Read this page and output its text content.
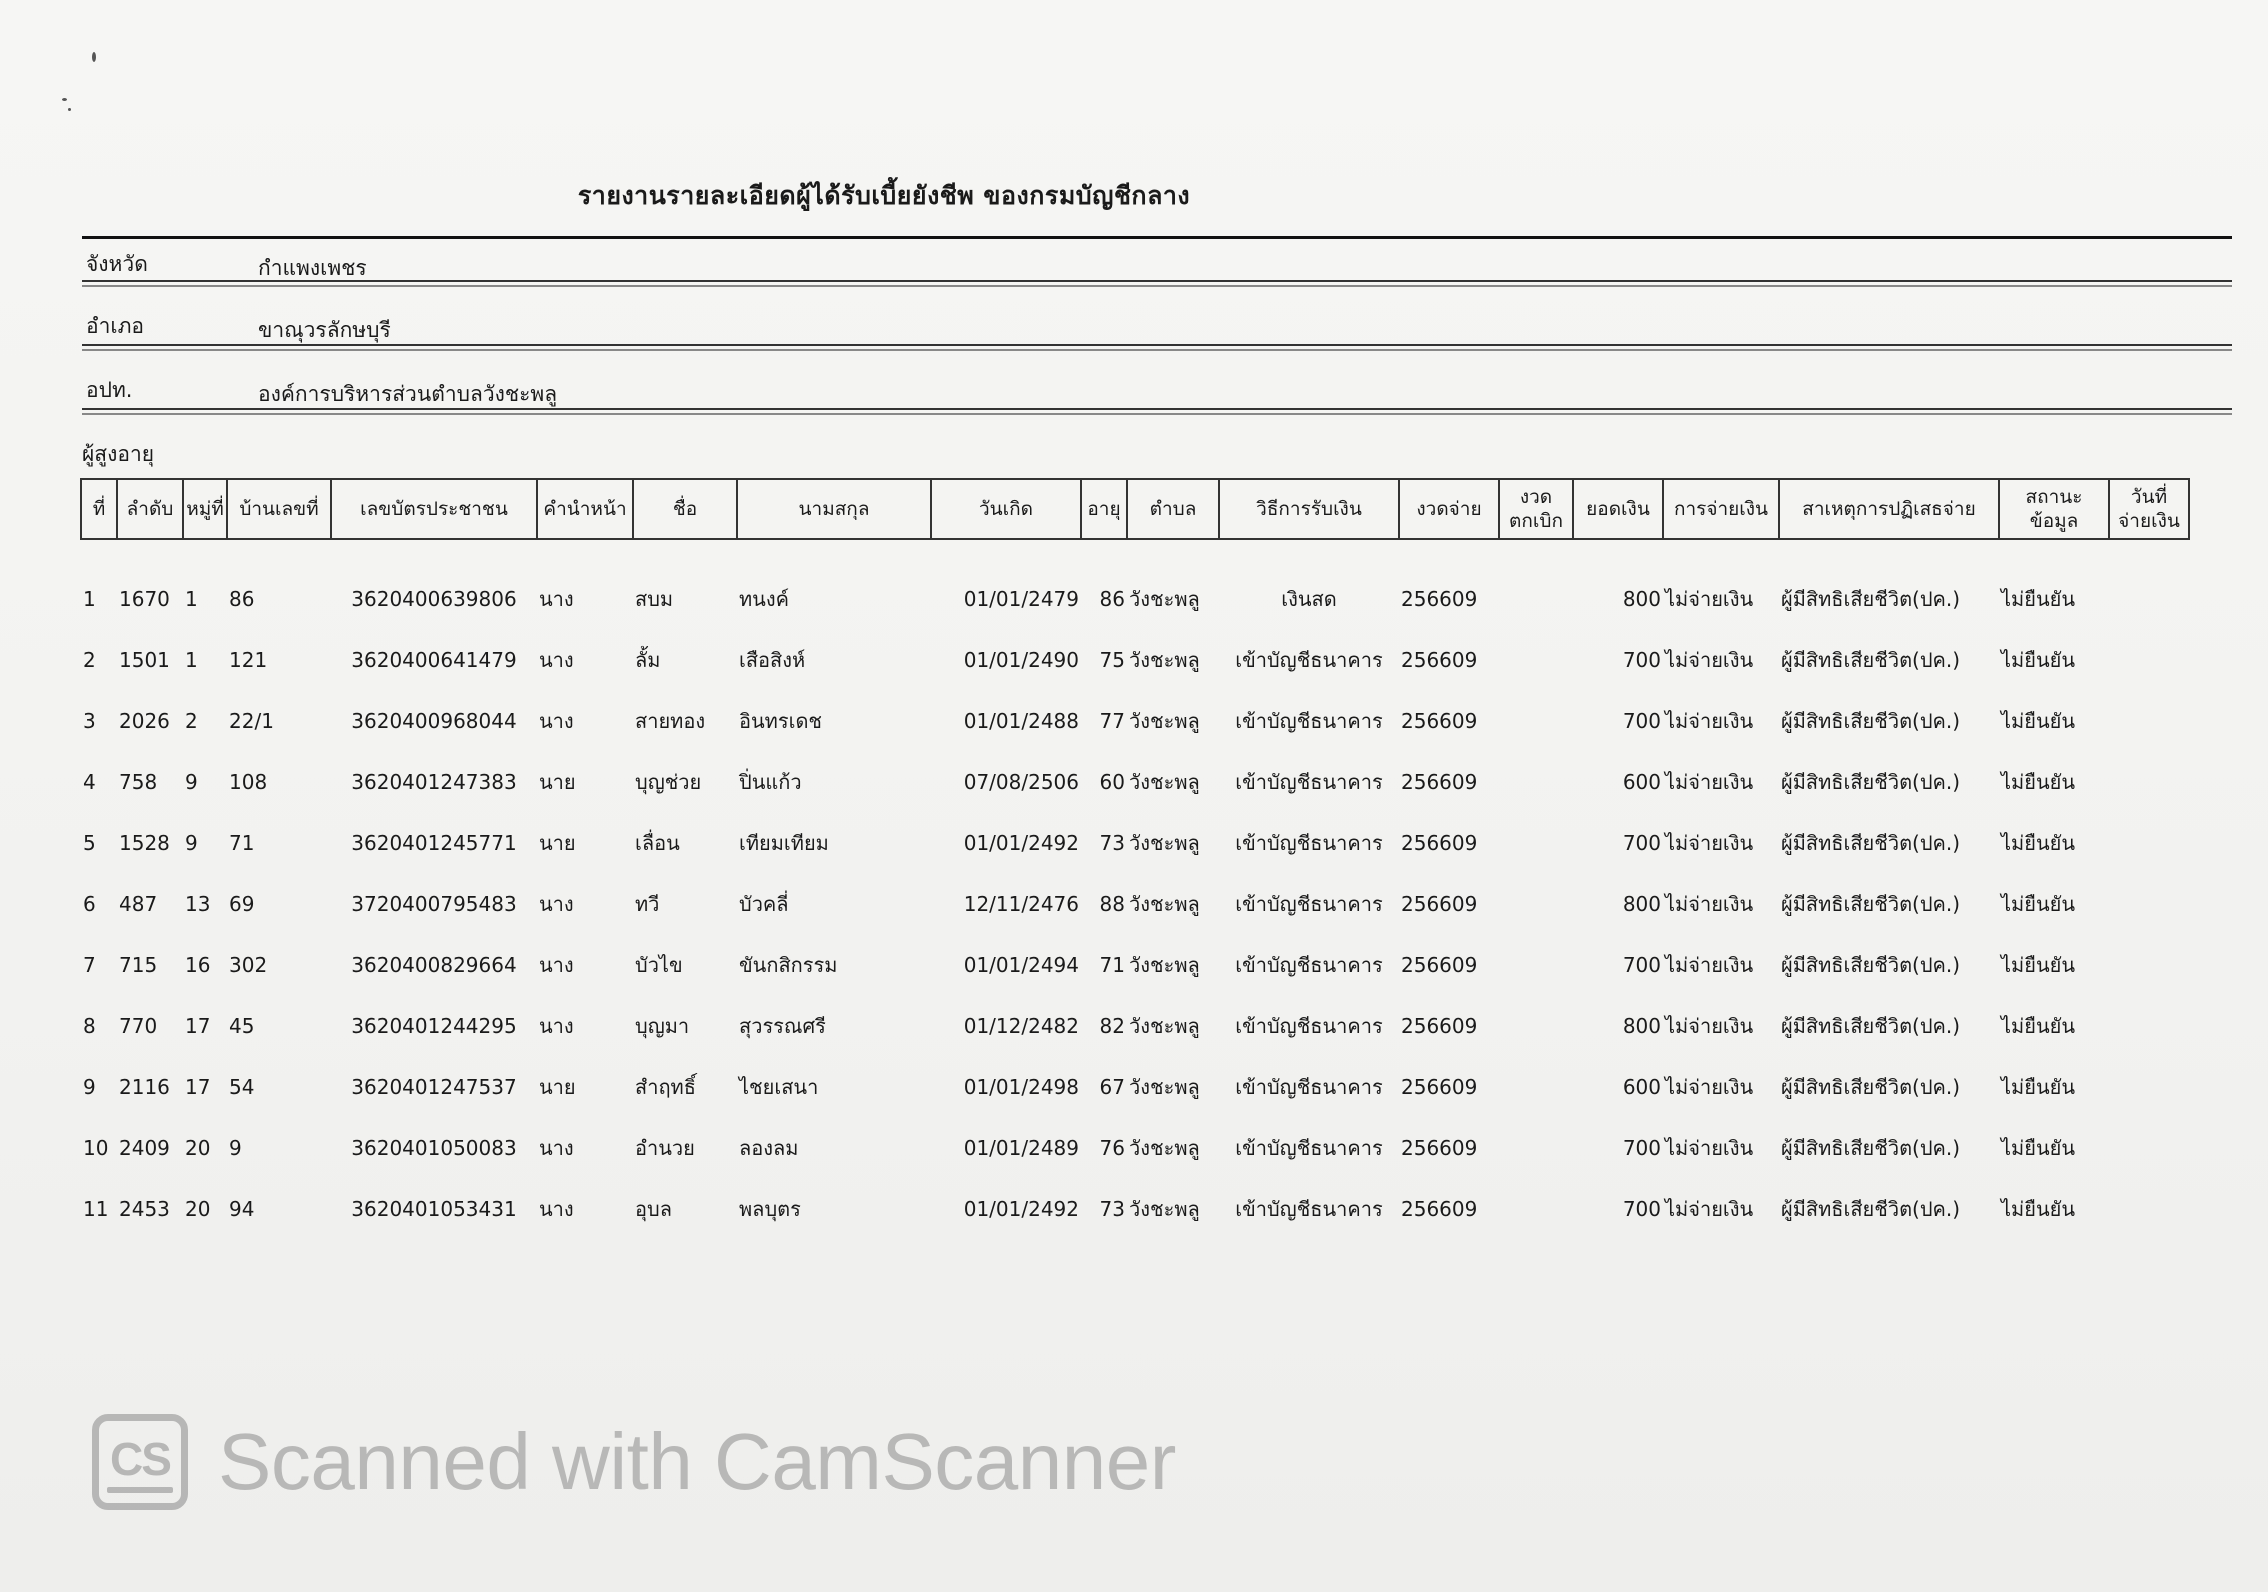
รายงานรายละเอียดผู้ได้รับเบี้ยยังชีพ ของกรมบัญชีกลาง
จังหวัด	กำแพงเพชร
อำเภอ	ขาณุวรลักษบุรี
อปท.	องค์การบริหารส่วนตำบลวังชะพลู
ผู้สูงอายุ
ที่	ลำดับ	หมู่ที่	บ้านเลขที่	เลขบัตรประชาชน	คำนำหน้า	ชื่อ	นามสกุล	วันเกิด	อายุ	ตำบล	วิธีการรับเงิน	งวดจ่าย	งวด ตกเบิก	ยอดเงิน	การจ่ายเงิน	สาเหตุการปฏิเสธจ่าย	สถานะ ข้อมูล	วันที่ จ่ายเงิน
1	1670	1	86	3620400639806	นาง	สบม	ทนงค์	01/01/2479	86	วังชะพลู	เงินสด	256609		800	ไม่จ่ายเงิน	ผู้มีสิทธิเสียชีวิต(ปค.)	ไม่ยืนยัน	
2	1501	1	121	3620400641479	นาง	ลั้ม	เสือสิงห์	01/01/2490	75	วังชะพลู	เข้าบัญชีธนาคาร	256609		700	ไม่จ่ายเงิน	ผู้มีสิทธิเสียชีวิต(ปค.)	ไม่ยืนยัน	
3	2026	2	22/1	3620400968044	นาง	สายทอง	อินทรเดช	01/01/2488	77	วังชะพลู	เข้าบัญชีธนาคาร	256609		700	ไม่จ่ายเงิน	ผู้มีสิทธิเสียชีวิต(ปค.)	ไม่ยืนยัน	
4	758	9	108	3620401247383	นาย	บุญช่วย	ปิ่นแก้ว	07/08/2506	60	วังชะพลู	เข้าบัญชีธนาคาร	256609		600	ไม่จ่ายเงิน	ผู้มีสิทธิเสียชีวิต(ปค.)	ไม่ยืนยัน	
5	1528	9	71	3620401245771	นาย	เลื่อน	เทียมเทียม	01/01/2492	73	วังชะพลู	เข้าบัญชีธนาคาร	256609		700	ไม่จ่ายเงิน	ผู้มีสิทธิเสียชีวิต(ปค.)	ไม่ยืนยัน	
6	487	13	69	3720400795483	นาง	ทวี	บัวคลี่	12/11/2476	88	วังชะพลู	เข้าบัญชีธนาคาร	256609		800	ไม่จ่ายเงิน	ผู้มีสิทธิเสียชีวิต(ปค.)	ไม่ยืนยัน	
7	715	16	302	3620400829664	นาง	บัวไข	ขันกสิกรรม	01/01/2494	71	วังชะพลู	เข้าบัญชีธนาคาร	256609		700	ไม่จ่ายเงิน	ผู้มีสิทธิเสียชีวิต(ปค.)	ไม่ยืนยัน	
8	770	17	45	3620401244295	นาง	บุญมา	สุวรรณศรี	01/12/2482	82	วังชะพลู	เข้าบัญชีธนาคาร	256609		800	ไม่จ่ายเงิน	ผู้มีสิทธิเสียชีวิต(ปค.)	ไม่ยืนยัน	
9	2116	17	54	3620401247537	นาย	สำฤทธิ์	ไชยเสนา	01/01/2498	67	วังชะพลู	เข้าบัญชีธนาคาร	256609		600	ไม่จ่ายเงิน	ผู้มีสิทธิเสียชีวิต(ปค.)	ไม่ยืนยัน	
10	2409	20	9	3620401050083	นาง	อำนวย	ลองลม	01/01/2489	76	วังชะพลู	เข้าบัญชีธนาคาร	256609		700	ไม่จ่ายเงิน	ผู้มีสิทธิเสียชีวิต(ปค.)	ไม่ยืนยัน	
11	2453	20	94	3620401053431	นาง	อุบล	พลบุตร	01/01/2492	73	วังชะพลู	เข้าบัญชีธนาคาร	256609		700	ไม่จ่ายเงิน	ผู้มีสิทธิเสียชีวิต(ปค.)	ไม่ยืนยัน	
CS Scanned with CamScanner
